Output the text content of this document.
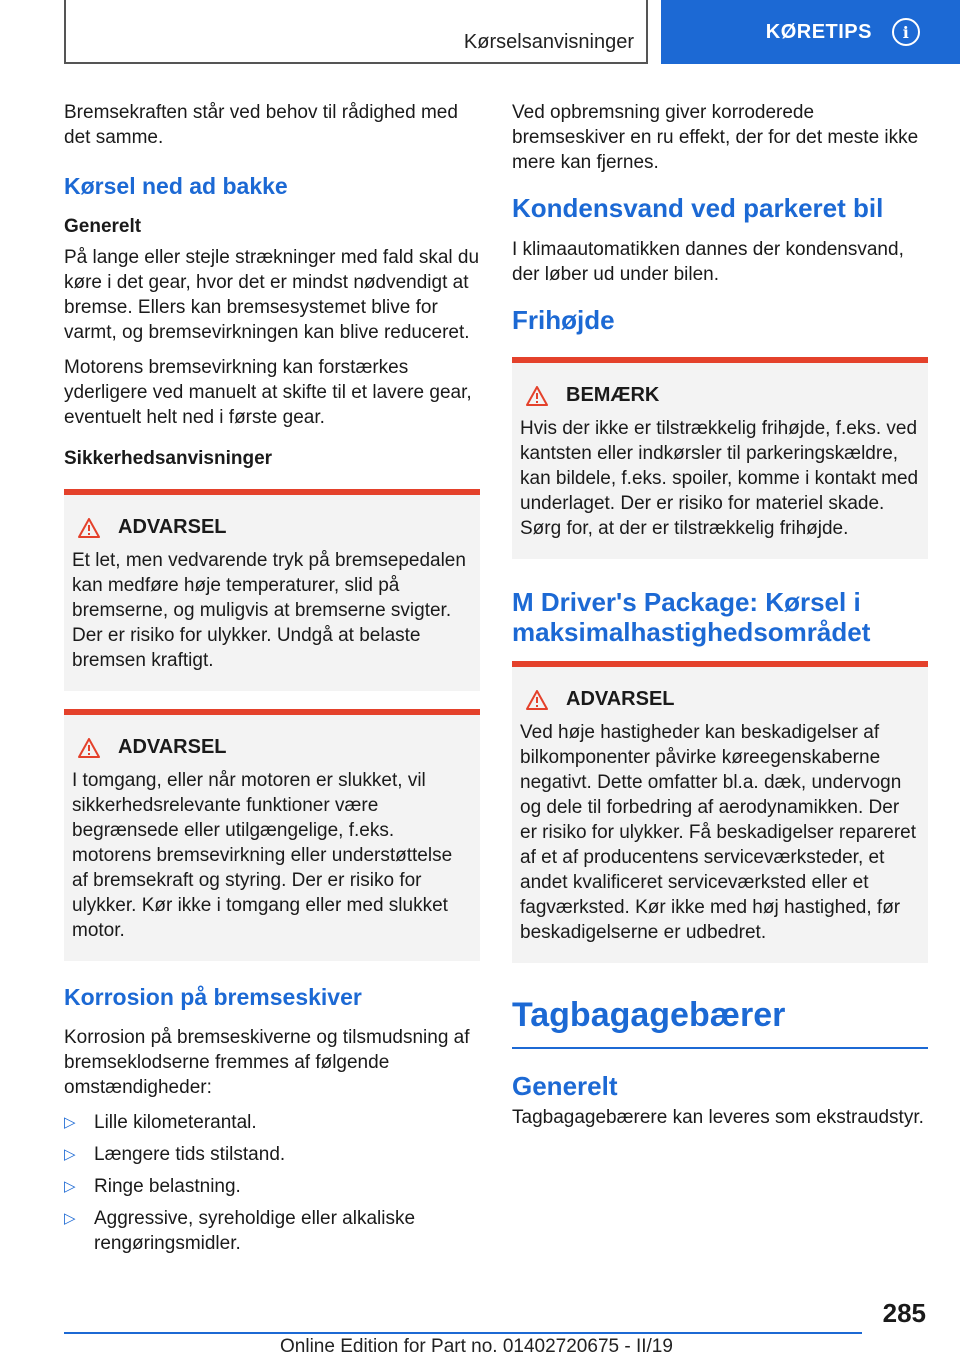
Kørselsanvisninger	KØRETIPS	i

Bremsekraften står ved behov til rådighed med det samme.

Kørsel ned ad bakke
Generelt

På lange eller stejle strækninger med fald skal du køre i det gear, hvor det er mindst nødvendigt at bremse. Ellers kan bremsesystemet blive for varmt, og bremsevirkningen kan blive reduceret.

Motorens bremsevirkning kan forstærkes yderligere ved manuelt at skifte til et lavere gear, eventuelt helt ned i første gear.

Sikkerhedsanvisninger
ADVARSEL
Et let, men vedvarende tryk på bremsepedalen kan medføre høje temperaturer, slid på bremserne, og muligvis at bremserne svigter. Der er risiko for ulykker. Undgå at belaste bremsen kraftigt.
ADVARSEL
I tomgang, eller når motoren er slukket, vil sikkerhedsrelevante funktioner være begrænsede eller utilgængelige, f.eks. motorens bremsevirkning eller understøttelse af bremsekraft og styring. Der er risiko for ulykker. Kør ikke i tomgang eller med slukket motor.
Korrosion på bremseskiver

Korrosion på bremseskiverne og tilsmudsning af bremseklodserne fremmes af følgende omstændigheder:

▷ Lille kilometerantal.
▷ Længere tids stilstand.
▷ Ringe belastning.
▷ Aggressive, syreholdige eller alkaliske rengøringsmidler.

Ved opbremsning giver korroderede bremseskiver en ru effekt, der for det meste ikke mere kan fjernes.

Kondensvand ved parkeret bil

I klimaautomatikken dannes der kondensvand, der løber ud under bilen.

Frihøjde
BEMÆRK
Hvis der ikke er tilstrækkelig frihøjde, f.eks. ved kantsten eller indkørsler til parkeringskældre, kan bildele, f.eks. spoiler, komme i kontakt med underlaget. Der er risiko for materiel skade. Sørg for, at der er tilstrækkelig frihøjde.
M Driver's Package: Kørsel i maksimalhastighedsområdet
ADVARSEL
Ved høje hastigheder kan beskadigelser af bilkomponenter påvirke køreegenskaberne negativt. Dette omfatter bl.a. dæk, undervogn og dele til forbedring af aerodynamikken. Der er risiko for ulykker. Få beskadigelser repareret af et af producentens serviceværksteder, et andet kvalificeret serviceværksted eller et fagværksted. Kør ikke med høj hastighed, før beskadigelserne er udbedret.
Tagbagagebærer
Generelt

Tagbagagebærere kan leveres som ekstraudstyr.

285
Online Edition for Part no. 01402720675 - II/19
